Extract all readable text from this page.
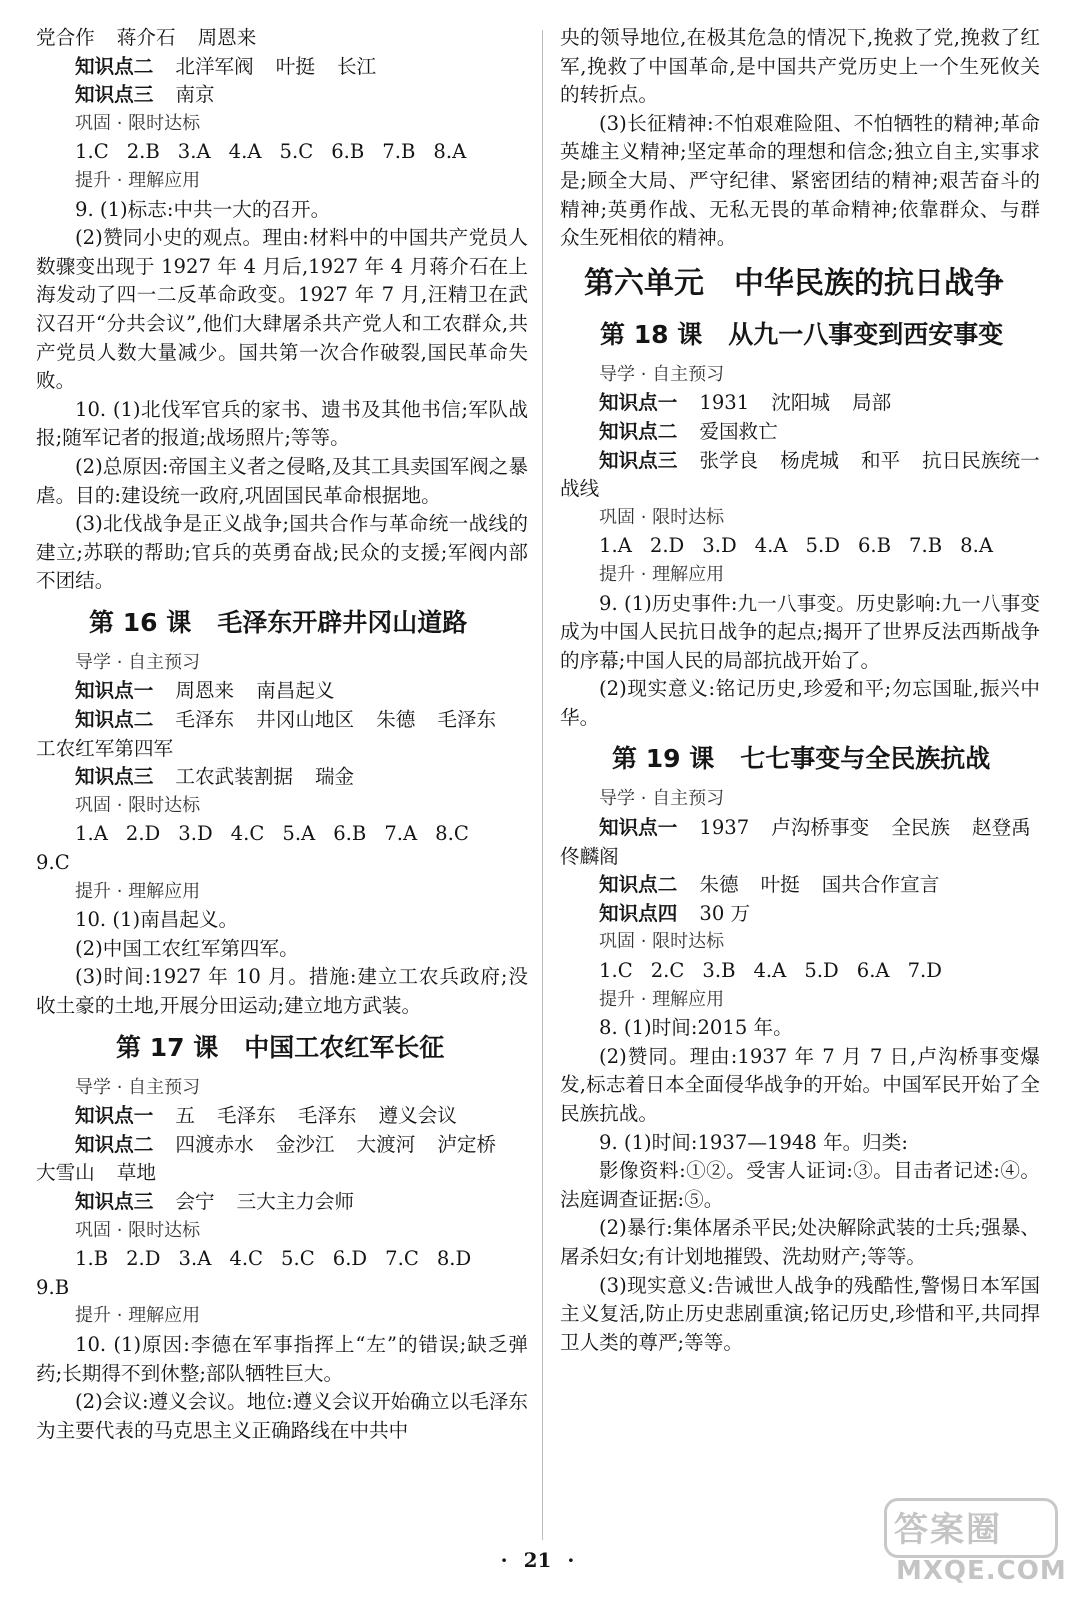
党合作 蒋介石 周恩来
知识点二 北洋军阀 叶挺 长江
知识点三 南京
巩固 · 限时达标
1.C 2.B 3.A 4.A 5.C 6.B 7.B 8.A
提升 · 理解应用
9. (1)标志:中共一大的召开。
(2)赞同小史的观点。理由:材料中的中国共产党员人数骤变出现于 1927 年 4 月后,1927 年 4 月蒋介石在上海发动了四一二反革命政变。1927 年 7 月,汪精卫在武汉召开“分共会议”,他们大肆屠杀共产党人和工农群众,共产党员人数大量减少。国共第一次合作破裂,国民革命失败。
10. (1)北伐军官兵的家书、遗书及其他书信;军队战报;随军记者的报道;战场照片;等等。
(2)总原因:帝国主义者之侵略,及其工具卖国军阀之暴虐。目的:建设统一政府,巩固国民革命根据地。
(3)北伐战争是正义战争;国共合作与革命统一战线的建立;苏联的帮助;官兵的英勇奋战;民众的支援;军阀内部不团结。
第 16 课 毛泽东开辟井冈山道路
导学 · 自主预习
知识点一 周恩来 南昌起义
知识点二 毛泽东 井冈山地区 朱德 毛泽东
工农红军第四军
知识点三 工农武装割据 瑞金
巩固 · 限时达标
1.A 2.D 3.D 4.C 5.A 6.B 7.A 8.C
9.C
提升 · 理解应用
10. (1)南昌起义。
(2)中国工农红军第四军。
(3)时间:1927 年 10 月。措施:建立工农兵政府;没收土豪的土地,开展分田运动;建立地方武装。
第 17 课 中国工农红军长征
导学 · 自主预习
知识点一 五 毛泽东 毛泽东 遵义会议
知识点二 四渡赤水 金沙江 大渡河 泸定桥
大雪山 草地
知识点三 会宁 三大主力会师
巩固 · 限时达标
1.B 2.D 3.A 4.C 5.C 6.D 7.C 8.D
9.B
提升 · 理解应用
10. (1)原因:李德在军事指挥上“左”的错误;缺乏弹药;长期得不到休整;部队牺牲巨大。
(2)会议:遵义会议。地位:遵义会议开始确立以毛泽东为主要代表的马克思主义正确路线在中共中
央的领导地位,在极其危急的情况下,挽救了党,挽救了红军,挽救了中国革命,是中国共产党历史上一个生死攸关的转折点。
(3)长征精神:不怕艰难险阻、不怕牺牲的精神;革命英雄主义精神;坚定革命的理想和信念;独立自主,实事求是;顾全大局、严守纪律、紧密团结的精神;艰苦奋斗的精神;英勇作战、无私无畏的革命精神;依靠群众、与群众生死相依的精神。
第六单元 中华民族的抗日战争
第 18 课 从九一八事变到西安事变
导学 · 自主预习
知识点一 1931 沈阳城 局部
知识点二 爱国救亡
知识点三 张学良 杨虎城 和平 抗日民族统一
战线
巩固 · 限时达标
1.A 2.D 3.D 4.A 5.D 6.B 7.B 8.A
提升 · 理解应用
9. (1)历史事件:九一八事变。历史影响:九一八事变成为中国人民抗日战争的起点;揭开了世界反法西斯战争的序幕;中国人民的局部抗战开始了。
(2)现实意义:铭记历史,珍爱和平;勿忘国耻,振兴中华。
第 19 课 七七事变与全民族抗战
导学 · 自主预习
知识点一 1937 卢沟桥事变 全民族 赵登禹
佟麟阁
知识点二 朱德 叶挺 国共合作宣言
知识点四 30 万
巩固 · 限时达标
1.C 2.C 3.B 4.A 5.D 6.A 7.D
提升 · 理解应用
8. (1)时间:2015 年。
(2)赞同。理由:1937 年 7 月 7 日,卢沟桥事变爆发,标志着日本全面侵华战争的开始。中国军民开始了全民族抗战。
9. (1)时间:1937—1948 年。归类:
影像资料:①②。受害人证词:③。目击者记述:④。法庭调查证据:⑤。
(2)暴行:集体屠杀平民;处决解除武装的士兵;强暴、屠杀妇女;有计划地摧毁、洗劫财产;等等。
(3)现实意义:告诫世人战争的残酷性,警惕日本军国主义复活,防止历史悲剧重演;铭记历史,珍惜和平,共同捍卫人类的尊严;等等。
· 21 ·
答案圈
MXQE.COM
